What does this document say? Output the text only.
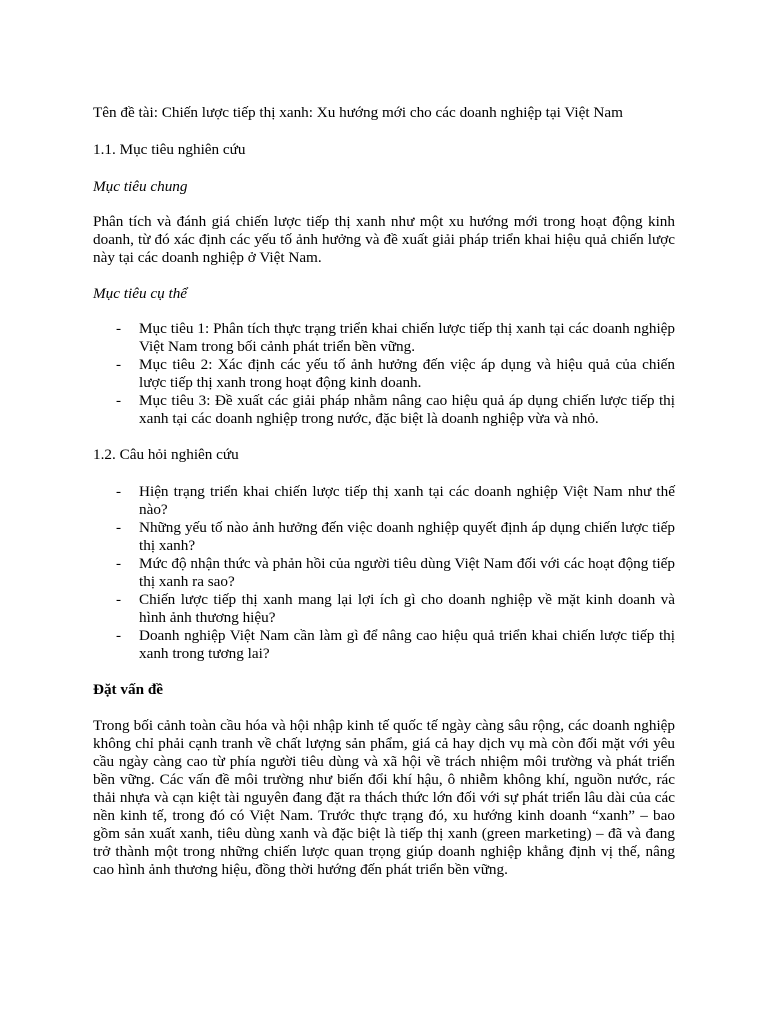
Tên đề tài: Chiến lược tiếp thị xanh: Xu hướng mới cho các doanh nghiệp tại Việt Nam

1.1. Mục tiêu nghiên cứu

Mục tiêu chung

Phân tích và đánh giá chiến lược tiếp thị xanh như một xu hướng mới trong hoạt động kinh doanh, từ đó xác định các yếu tố ảnh hưởng và đề xuất giải pháp triển khai hiệu quả chiến lược này tại các doanh nghiệp ở Việt Nam.

Mục tiêu cụ thể

- Mục tiêu 1: Phân tích thực trạng triển khai chiến lược tiếp thị xanh tại các doanh nghiệp Việt Nam trong bối cảnh phát triển bền vững.
- Mục tiêu 2: Xác định các yếu tố ảnh hưởng đến việc áp dụng và hiệu quả của chiến lược tiếp thị xanh trong hoạt động kinh doanh.
- Mục tiêu 3: Đề xuất các giải pháp nhằm nâng cao hiệu quả áp dụng chiến lược tiếp thị xanh tại các doanh nghiệp trong nước, đặc biệt là doanh nghiệp vừa và nhỏ.

1.2. Câu hỏi nghiên cứu

- Hiện trạng triển khai chiến lược tiếp thị xanh tại các doanh nghiệp Việt Nam như thế nào?
- Những yếu tố nào ảnh hưởng đến việc doanh nghiệp quyết định áp dụng chiến lược tiếp thị xanh?
- Mức độ nhận thức và phản hồi của người tiêu dùng Việt Nam đối với các hoạt động tiếp thị xanh ra sao?
- Chiến lược tiếp thị xanh mang lại lợi ích gì cho doanh nghiệp về mặt kinh doanh và hình ảnh thương hiệu?
- Doanh nghiệp Việt Nam cần làm gì để nâng cao hiệu quả triển khai chiến lược tiếp thị xanh trong tương lai?

Đặt vấn đề

Trong bối cảnh toàn cầu hóa và hội nhập kinh tế quốc tế ngày càng sâu rộng, các doanh nghiệp không chỉ phải cạnh tranh về chất lượng sản phẩm, giá cả hay dịch vụ mà còn đối mặt với yêu cầu ngày càng cao từ phía người tiêu dùng và xã hội về trách nhiệm môi trường và phát triển bền vững. Các vấn đề môi trường như biến đổi khí hậu, ô nhiễm không khí, nguồn nước, rác thải nhựa và cạn kiệt tài nguyên đang đặt ra thách thức lớn đối với sự phát triển lâu dài của các nền kinh tế, trong đó có Việt Nam. Trước thực trạng đó, xu hướng kinh doanh “xanh” – bao gồm sản xuất xanh, tiêu dùng xanh và đặc biệt là tiếp thị xanh (green marketing) – đã và đang trở thành một trong những chiến lược quan trọng giúp doanh nghiệp khẳng định vị thế, nâng cao hình ảnh thương hiệu, đồng thời hướng đến phát triển bền vững.
